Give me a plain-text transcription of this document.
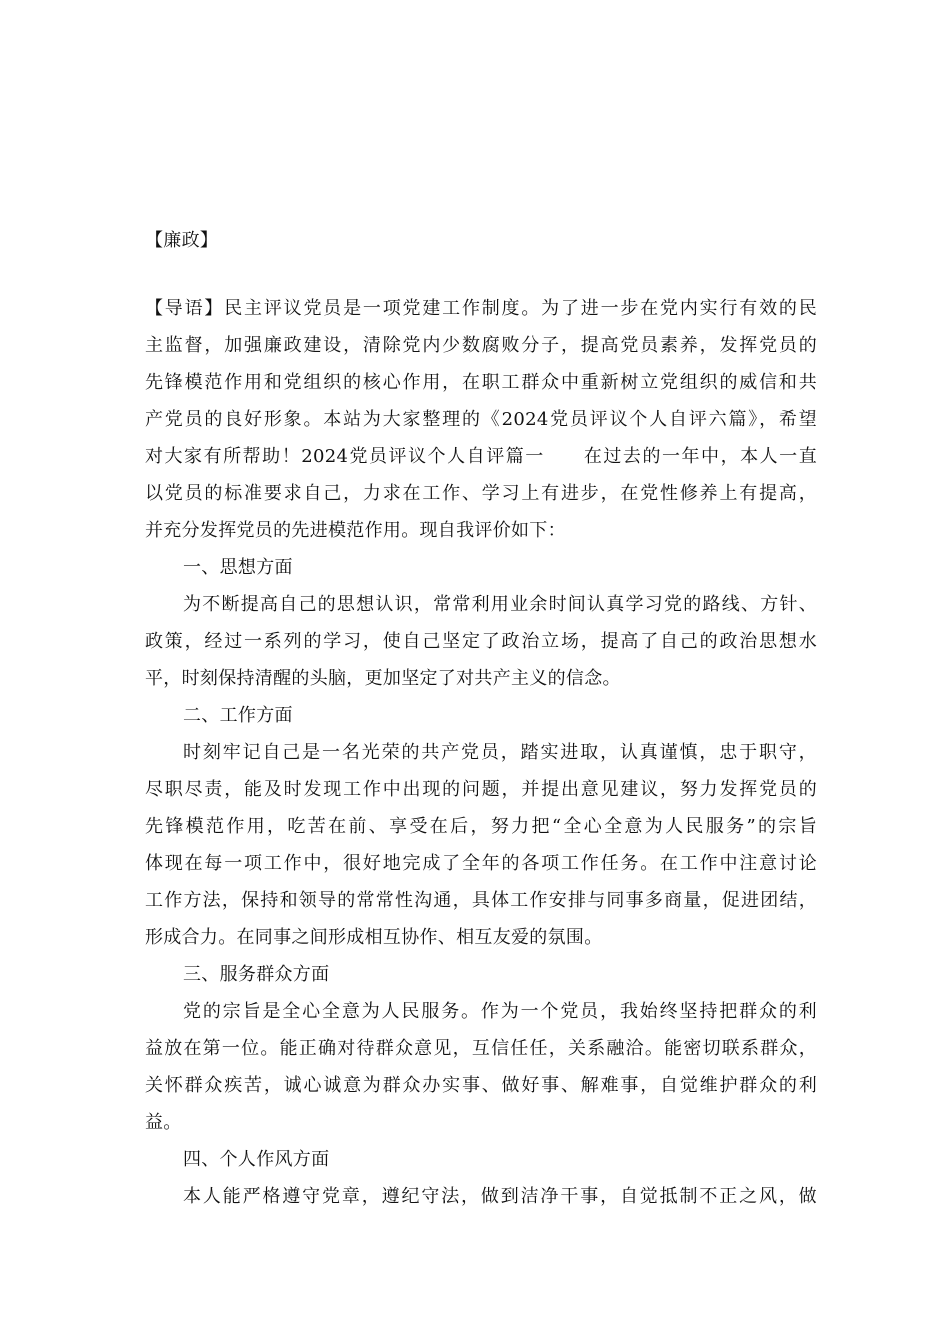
【廉政】
【导语】民主评议党员是一项党建工作制度。为了进一步在党内实行有效的民
主监督，加强廉政建设，清除党内少数腐败分子，提高党员素养，发挥党员的
先锋模范作用和党组织的核心作用，在职工群众中重新树立党组织的威信和共
产党员的良好形象。本站为大家整理的《2024党员评议个人自评六篇》，希望
对大家有所帮助！2024党员评议个人自评篇一　　在过去的一年中，本人一直
以党员的标准要求自己，力求在工作、学习上有进步，在党性修养上有提高，
并充分发挥党员的先进模范作用。现自我评价如下：
一、思想方面
为不断提高自己的思想认识，常常利用业余时间认真学习党的路线、方针、
政策，经过一系列的学习，使自己坚定了政治立场，提高了自己的政治思想水
平，时刻保持清醒的头脑，更加坚定了对共产主义的信念。
二、工作方面
时刻牢记自己是一名光荣的共产党员，踏实进取，认真谨慎，忠于职守，
尽职尽责，能及时发现工作中出现的问题，并提出意见建议，努力发挥党员的
先锋模范作用，吃苦在前、享受在后，努力把“全心全意为人民服务”的宗旨
体现在每一项工作中，很好地完成了全年的各项工作任务。在工作中注意讨论
工作方法，保持和领导的常常性沟通，具体工作安排与同事多商量，促进团结，
形成合力。在同事之间形成相互协作、相互友爱的氛围。
三、服务群众方面
党的宗旨是全心全意为人民服务。作为一个党员，我始终坚持把群众的利
益放在第一位。能正确对待群众意见，互信任任，关系融洽。能密切联系群众，
关怀群众疾苦，诚心诚意为群众办实事、做好事、解难事，自觉维护群众的利
益。
四、个人作风方面
本人能严格遵守党章，遵纪守法，做到洁净干事，自觉抵制不正之风，做
